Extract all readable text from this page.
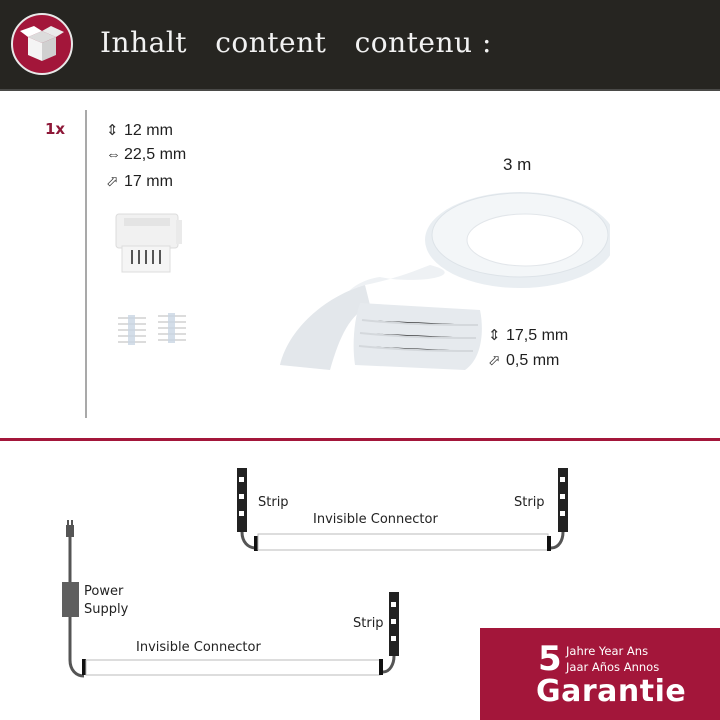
Inhalt   content   contenu :
1x	⇕ 12 mm
⇔ 22,5 mm
⬀ 17 mm
3 m
⇕ 17,5 mm
⬀ 0,5 mm
Strip	Strip
Invisible Connector
Power
Supply
Strip
Invisible Connector	5 Jahre Year Ans
Jaar Años Annos
Garantie
